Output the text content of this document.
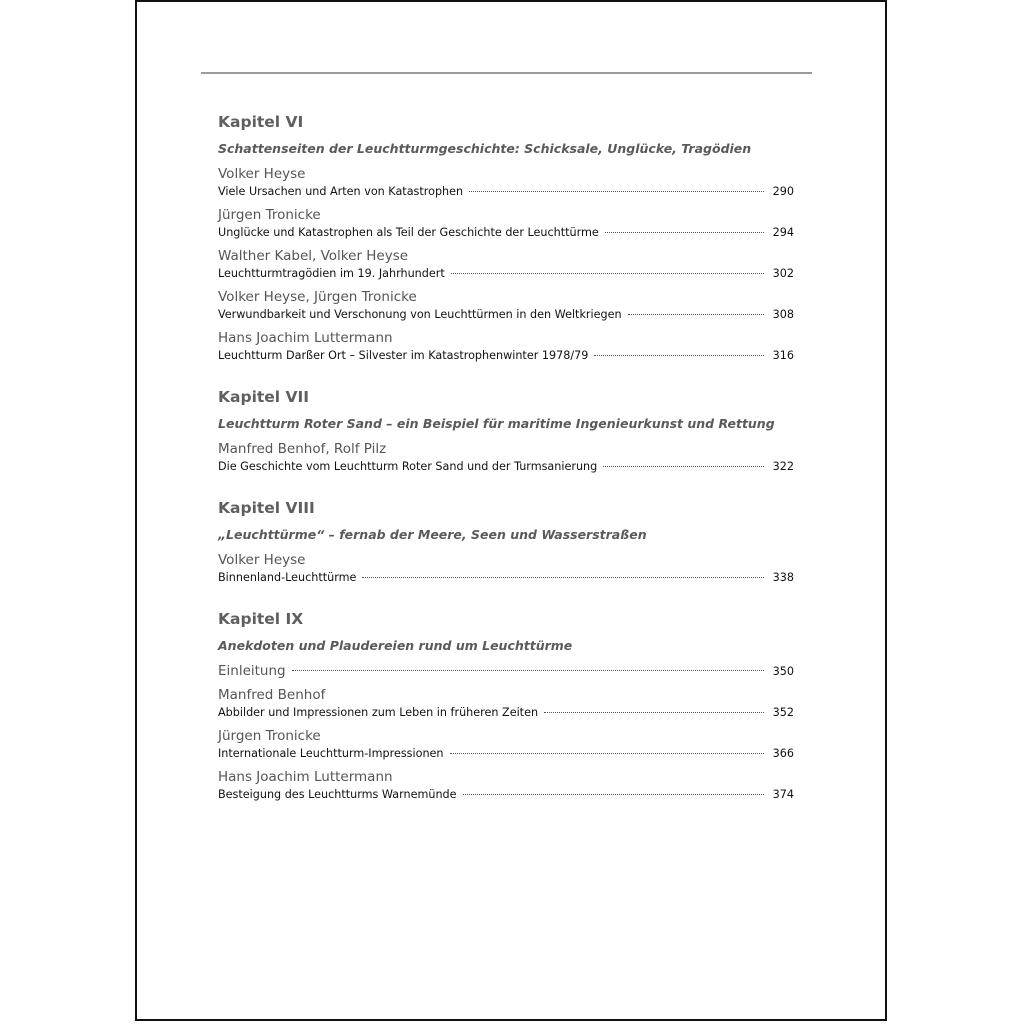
Kapitel VI
Schattenseiten der Leuchtturmgeschichte: Schicksale, Unglücke, Tragödien
Volker Heyse
Viele Ursachen und Arten von Katastrophen	290
Jürgen Tronicke
Unglücke und Katastrophen als Teil der Geschichte der Leuchttürme	294
Walther Kabel, Volker Heyse
Leuchtturmtragödien im 19. Jahrhundert	302
Volker Heyse, Jürgen Tronicke
Verwundbarkeit und Verschonung von Leuchttürmen in den Weltkriegen	308
Hans Joachim Luttermann
Leuchtturm Darßer Ort – Silvester im Katastrophenwinter 1978/79	316
Kapitel VII
Leuchtturm Roter Sand – ein Beispiel für maritime Ingenieurkunst und Rettung
Manfred Benhof, Rolf Pilz
Die Geschichte vom Leuchtturm Roter Sand und der Turmsanierung	322
Kapitel VIII
„Leuchttürme“ – fernab der Meere, Seen und Wasserstraßen
Volker Heyse
Binnenland-Leuchttürme	338
Kapitel IX
Anekdoten und Plaudereien rund um Leuchttürme
Einleitung	350
Manfred Benhof
Abbilder und Impressionen zum Leben in früheren Zeiten	352
Jürgen Tronicke
Internationale Leuchtturm-Impressionen	366
Hans Joachim Luttermann
Besteigung des Leuchtturms Warnemünde	374
